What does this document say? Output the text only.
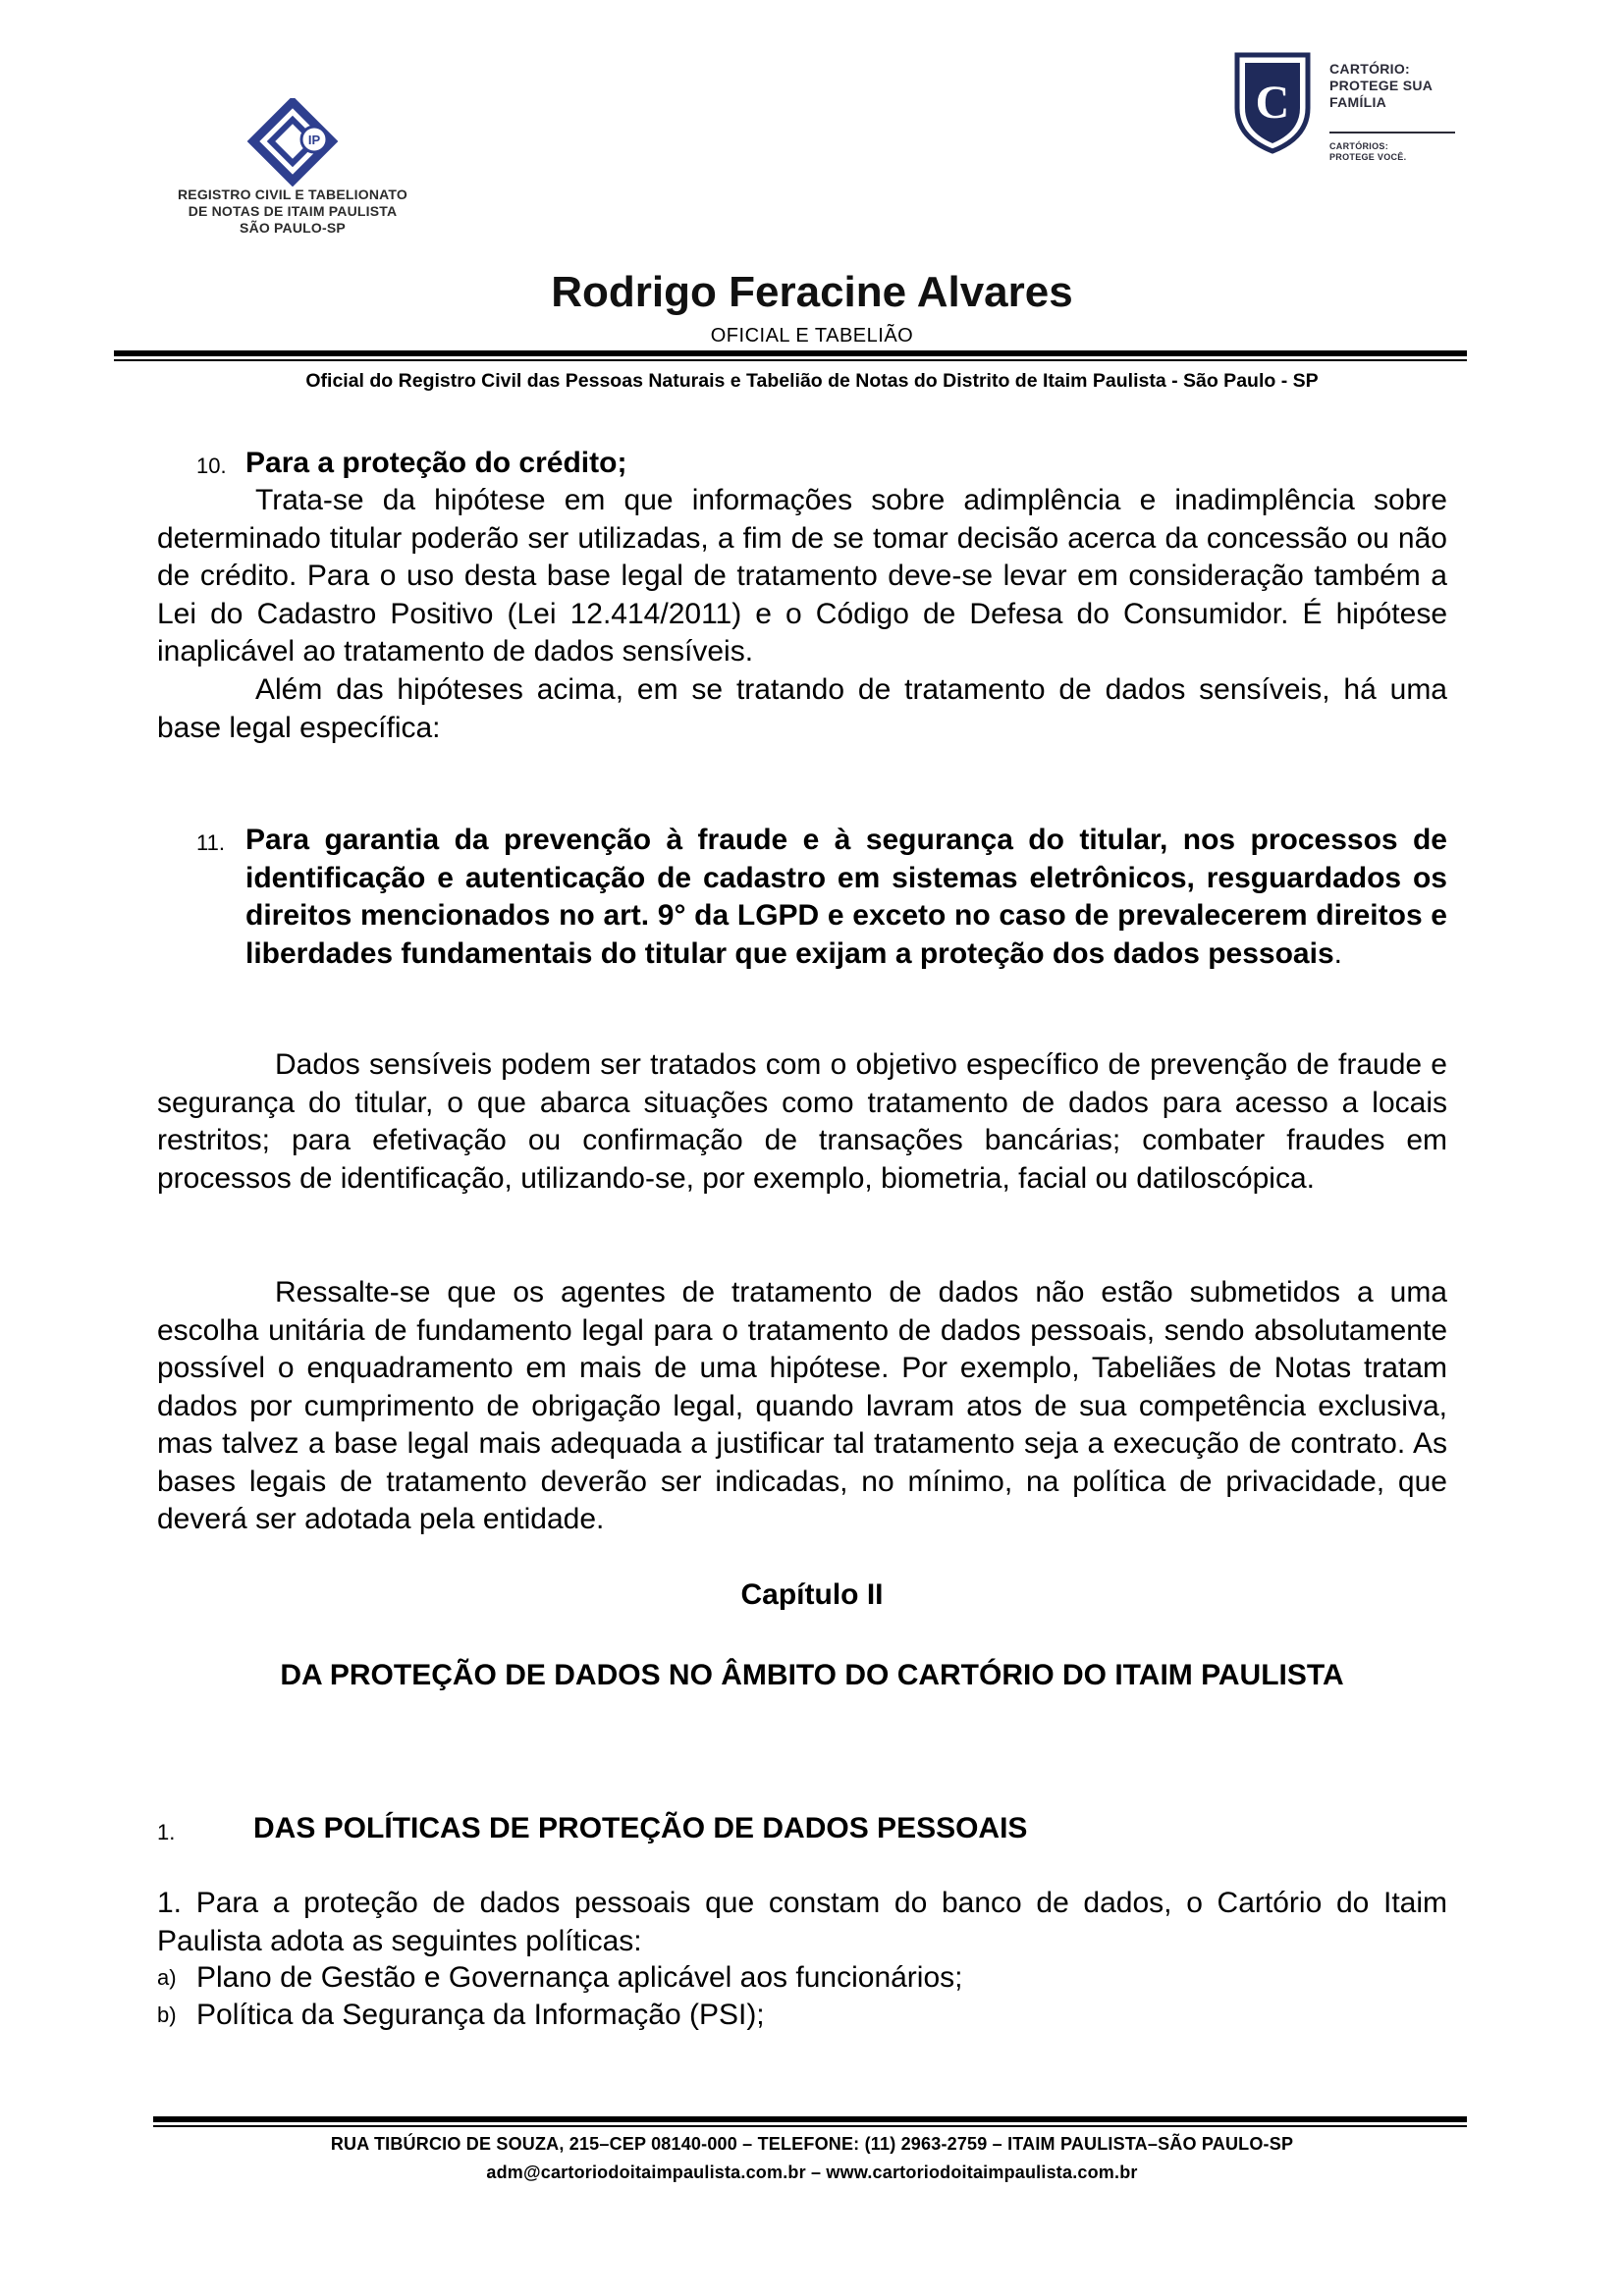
IP
REGISTRO CIVIL E TABELIONATO
DE NOTAS DE ITAIM PAULISTA
SÃO PAULO-SP
C
CARTÓRIO:
PROTEGE SUA
FAMÍLIA
CARTÓRIOS:
PROTEGE VOCÊ.
Rodrigo Feracine Alvares
OFICIAL E TABELIÃO
Oficial do Registro Civil das Pessoas Naturais e Tabelião de Notas do Distrito de Itaim Paulista - São Paulo - SP
10. Para a proteção do crédito;
Trata-se da hipótese em que informações sobre adimplência e inadimplência sobre determinado titular poderão ser utilizadas, a fim de se tomar decisão acerca da concessão ou não de crédito. Para o uso desta base legal de tratamento deve-se levar em consideração também a Lei do Cadastro Positivo (Lei 12.414/2011) e o Código de Defesa do Consumidor. É hipótese inaplicável ao tratamento de dados sensíveis.
Além das hipóteses acima, em se tratando de tratamento de dados sensíveis, há uma base legal específica:
11. Para garantia da prevenção à fraude e à segurança do titular, nos processos de identificação e autenticação de cadastro em sistemas eletrônicos, resguardados os direitos mencionados no art. 9° da LGPD e exceto no caso de prevalecerem direitos e liberdades fundamentais do titular que exijam a proteção dos dados pessoais.
Dados sensíveis podem ser tratados com o objetivo específico de prevenção de fraude e segurança do titular, o que abarca situações como tratamento de dados para acesso a locais restritos; para efetivação ou confirmação de transações bancárias; combater fraudes em processos de identificação, utilizando-se, por exemplo, biometria, facial ou datiloscópica.
Ressalte-se que os agentes de tratamento de dados não estão submetidos a uma escolha unitária de fundamento legal para o tratamento de dados pessoais, sendo absolutamente possível o enquadramento em mais de uma hipótese. Por exemplo, Tabeliães de Notas tratam dados por cumprimento de obrigação legal, quando lavram atos de sua competência exclusiva, mas talvez a base legal mais adequada a justificar tal tratamento seja a execução de contrato. As bases legais de tratamento deverão ser indicadas, no mínimo, na política de privacidade, que deverá ser adotada pela entidade.
Capítulo II
DA PROTEÇÃO DE DADOS NO ÂMBITO DO CARTÓRIO DO ITAIM PAULISTA
1.	DAS POLÍTICAS DE PROTEÇÃO DE DADOS PESSOAIS
1. Para a proteção de dados pessoais que constam do banco de dados, o Cartório do Itaim Paulista adota as seguintes políticas:
a) Plano de Gestão e Governança aplicável aos funcionários;
b) Política da Segurança da Informação (PSI);
RUA TIBÚRCIO DE SOUZA, 215–CEP 08140-000 – TELEFONE: (11) 2963-2759 – ITAIM PAULISTA–SÃO PAULO-SP
adm@cartoriodoitaimpaulista.com.br – www.cartoriodoitaimpaulista.com.br
